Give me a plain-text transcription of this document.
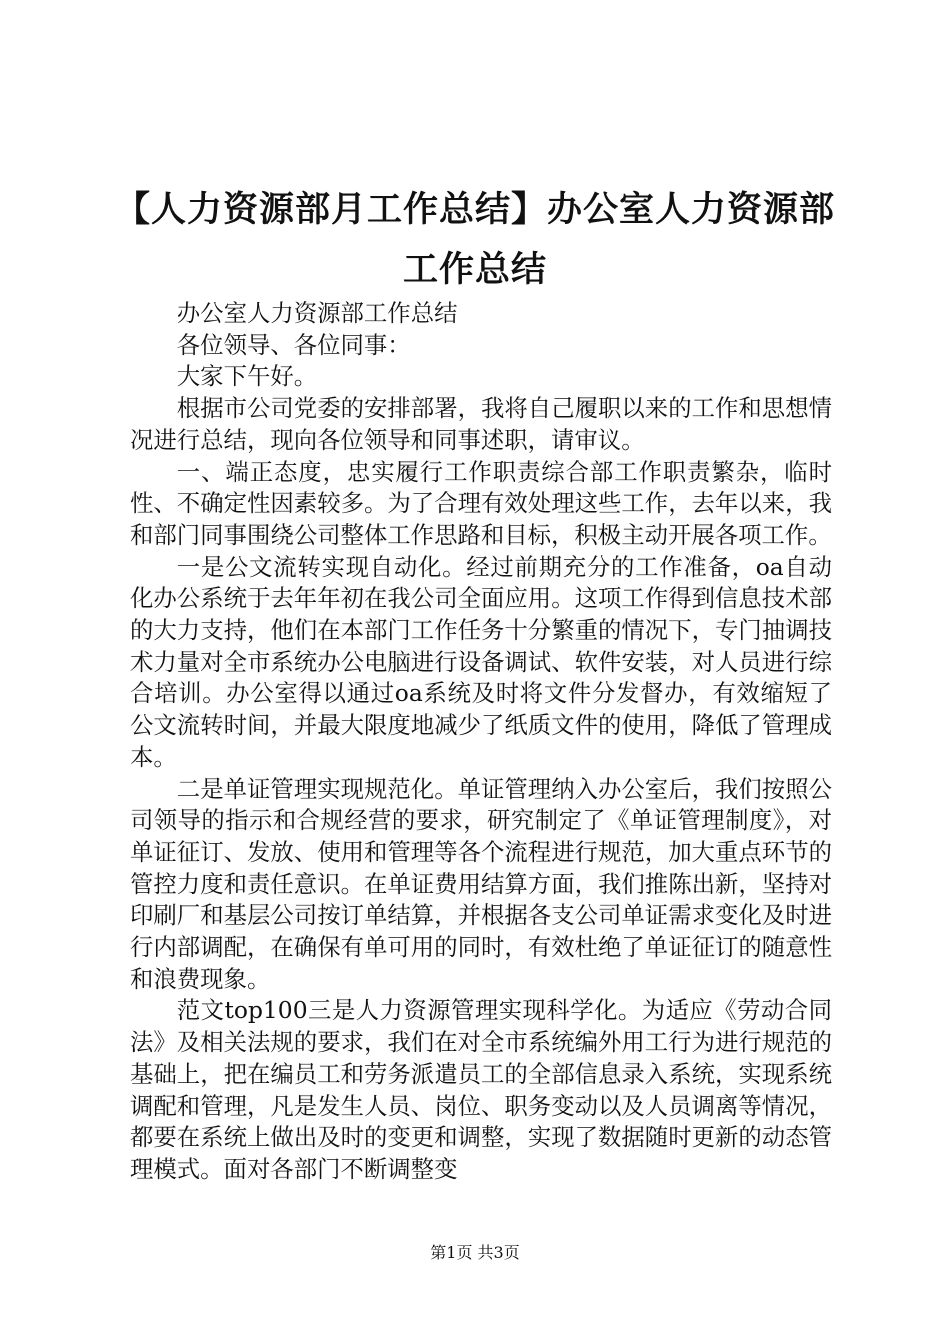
【人力资源部月工作总结】办公室人力资源部
工作总结

办公室人力资源部工作总结

各位领导、各位同事：

大家下午好。

根据市公司党委的安排部署，我将自己履职以来的工作和思想情况进行总结，现向各位领导和同事述职，请审议。

一、端正态度，忠实履行工作职责综合部工作职责繁杂，临时性、不确定性因素较多。为了合理有效处理这些工作，去年以来，我和部门同事围绕公司整体工作思路和目标，积极主动开展各项工作。

一是公文流转实现自动化。经过前期充分的工作准备，oa自动化办公系统于去年年初在我公司全面应用。这项工作得到信息技术部的大力支持，他们在本部门工作任务十分繁重的情况下，专门抽调技术力量对全市系统办公电脑进行设备调试、软件安装，对人员进行综合培训。办公室得以通过oa系统及时将文件分发督办，有效缩短了公文流转时间，并最大限度地减少了纸质文件的使用，降低了管理成本。

二是单证管理实现规范化。单证管理纳入办公室后，我们按照公司领导的指示和合规经营的要求，研究制定了《单证管理制度》，对单证征订、发放、使用和管理等各个流程进行规范，加大重点环节的管控力度和责任意识。在单证费用结算方面，我们推陈出新，坚持对印刷厂和基层公司按订单结算，并根据各支公司单证需求变化及时进行内部调配，在确保有单可用的同时，有效杜绝了单证征订的随意性和浪费现象。

范文top100三是人力资源管理实现科学化。为适应《劳动合同法》及相关法规的要求，我们在对全市系统编外用工行为进行规范的基础上，把在编员工和劳务派遣员工的全部信息录入系统，实现系统调配和管理，凡是发生人员、岗位、职务变动以及人员调离等情况，都要在系统上做出及时的变更和调整，实现了数据随时更新的动态管理模式。面对各部门不断调整变

第1页 共3页
